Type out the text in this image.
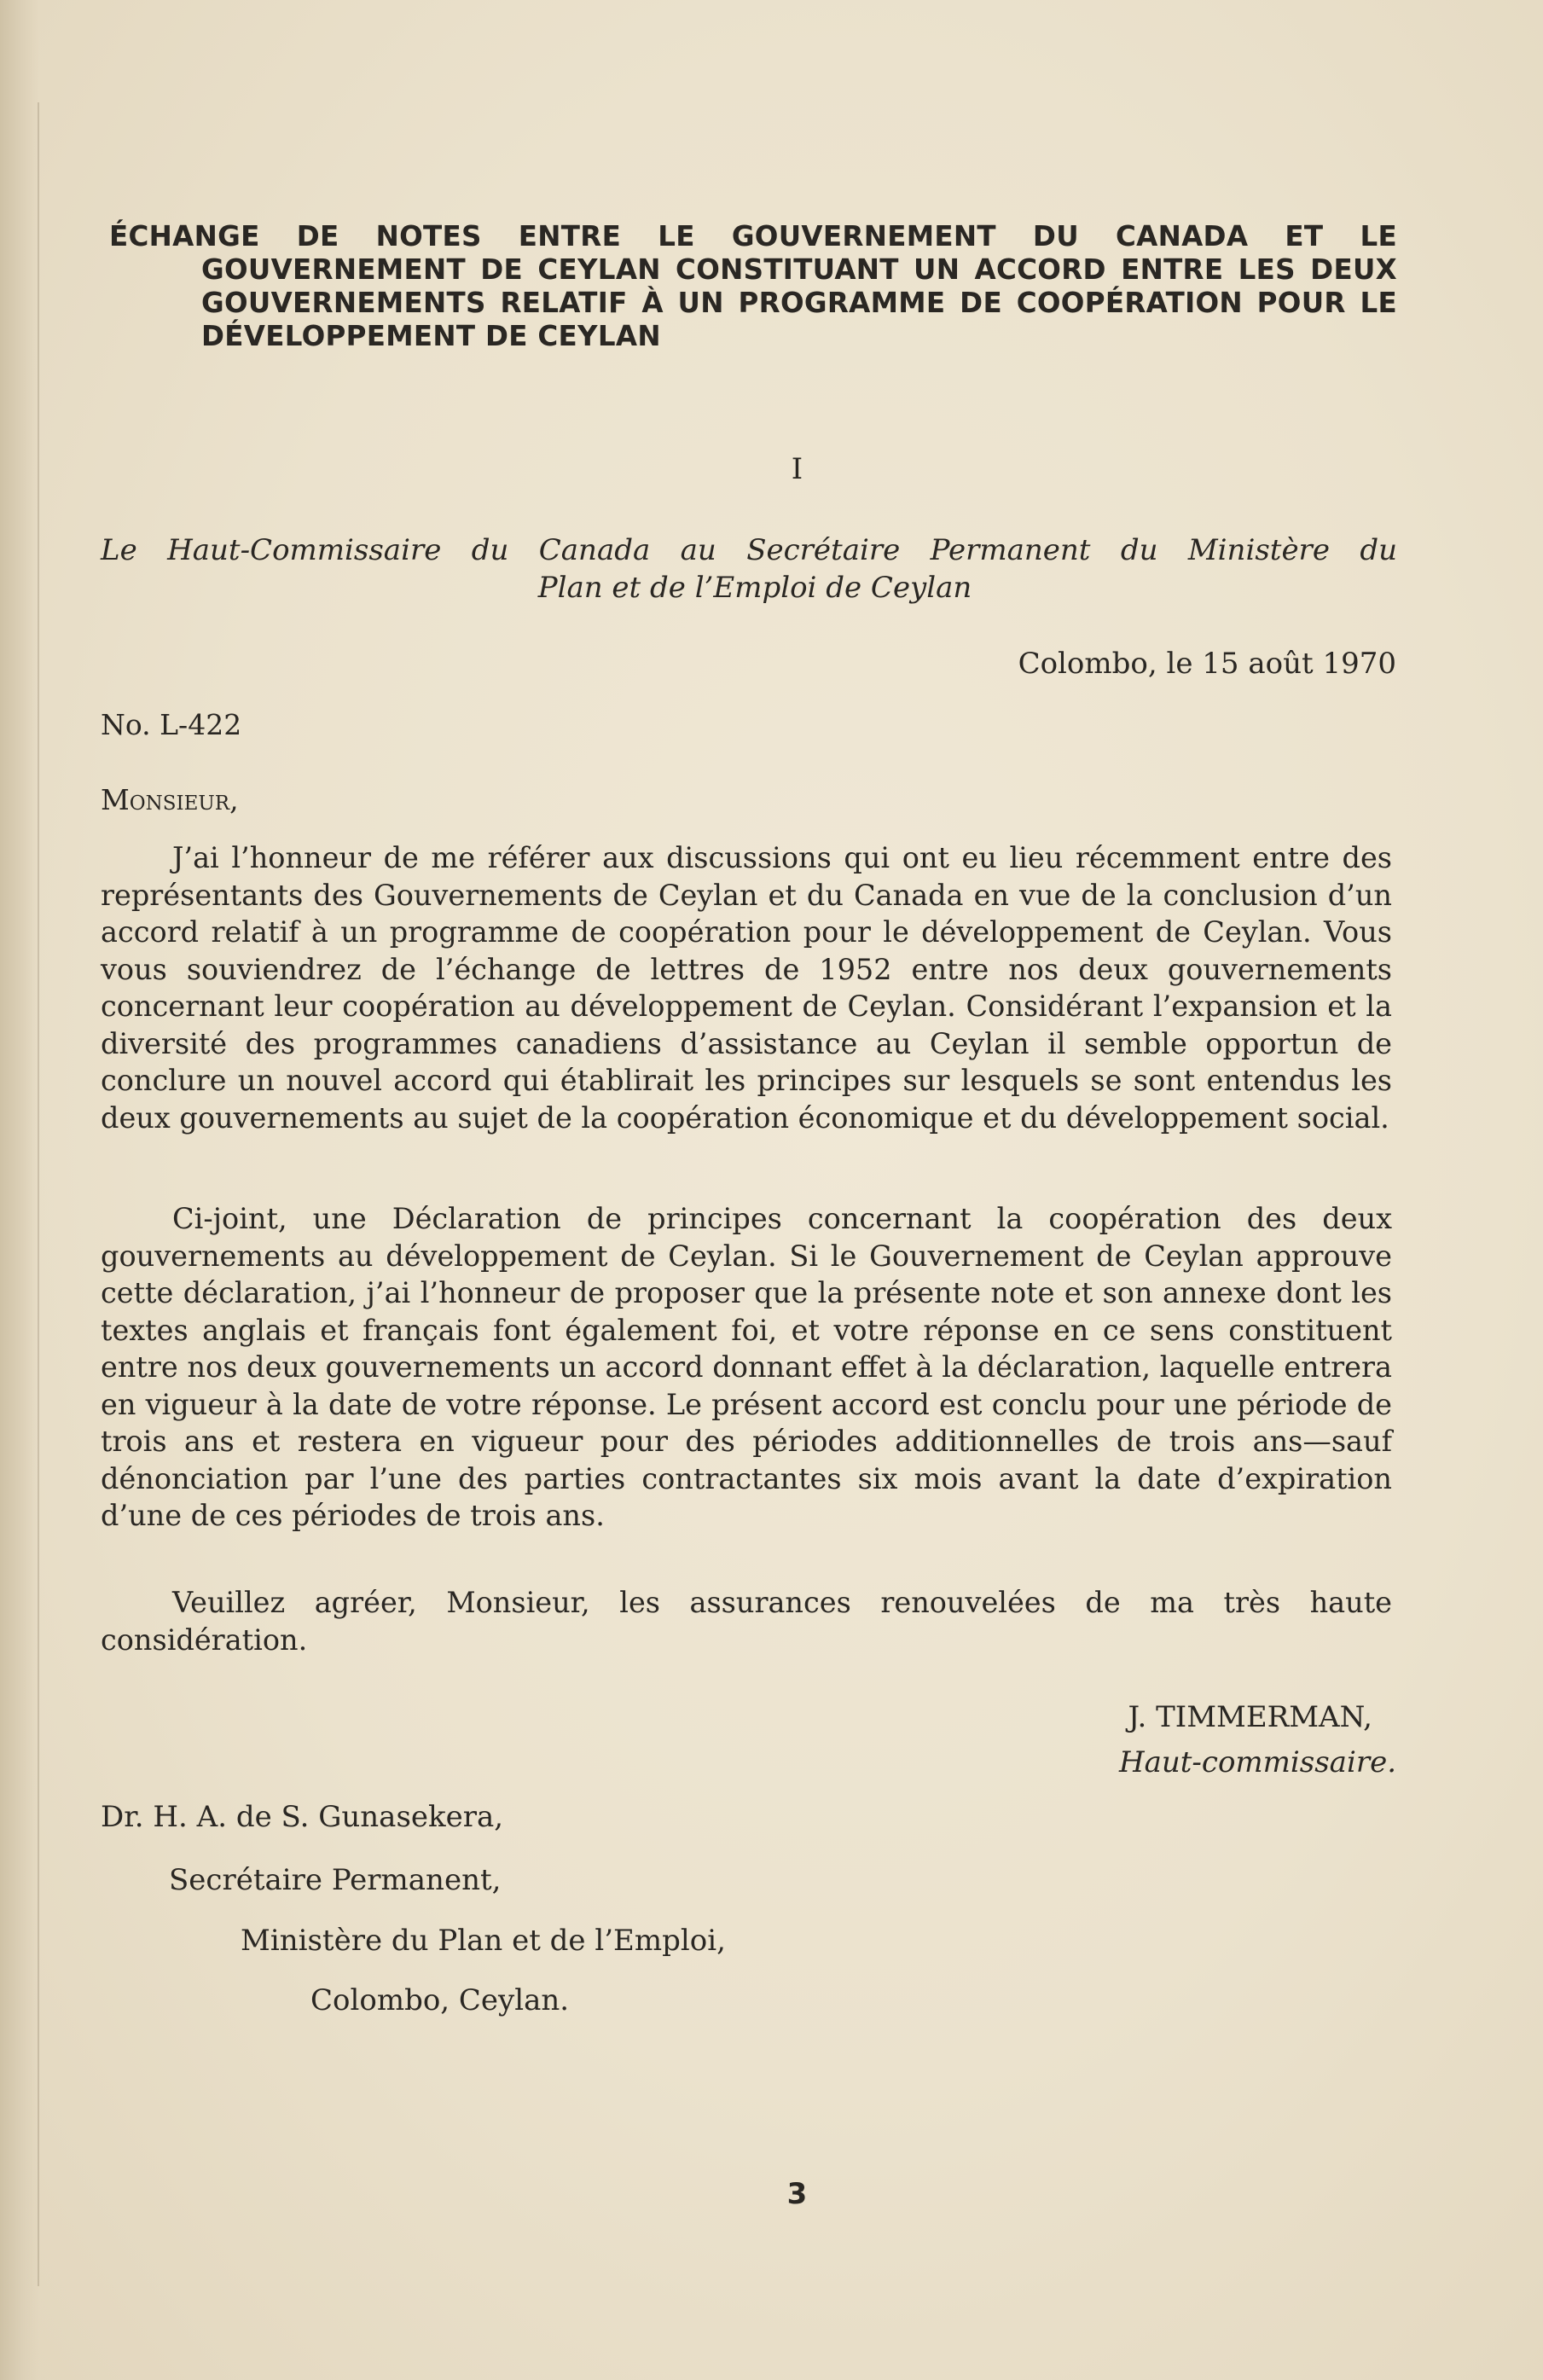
ÉCHANGE DE NOTES ENTRE LE GOUVERNEMENT DU CANADA ET LE GOUVERNEMENT DE CEYLAN CONSTITUANT UN ACCORD ENTRE LES DEUX GOUVERNEMENTS RELATIF À UN PROGRAMME DE COOPÉRATION POUR LE DÉVELOPPEMENT DE CEYLAN
I
Le Haut-Commissaire du Canada au Secrétaire Permanent du Ministère du
Plan et de l’Emploi de Ceylan
Colombo, le 15 août 1970
No. L-422
Monsieur,

J’ai l’honneur de me référer aux discussions qui ont eu lieu récemment entre des représentants des Gouvernements de Ceylan et du Canada en vue de la conclusion d’un accord relatif à un programme de coopération pour le développement de Ceylan. Vous vous souviendrez de l’échange de lettres de 1952 entre nos deux gouvernements concernant leur coopération au développement de Ceylan. Considérant l’expansion et la diversité des programmes canadiens d’assistance au Ceylan il semble opportun de conclure un nouvel accord qui établirait les principes sur lesquels se sont entendus les deux gouvernements au sujet de la coopération économique et du développement social.

Ci-joint, une Déclaration de principes concernant la coopération des deux gouvernements au développement de Ceylan. Si le Gouvernement de Ceylan approuve cette déclaration, j’ai l’honneur de proposer que la présente note et son annexe dont les textes anglais et français font également foi, et votre réponse en ce sens constituent entre nos deux gouvernements un accord donnant effet à la déclaration, laquelle entrera en vigueur à la date de votre réponse. Le présent accord est conclu pour une période de trois ans et restera en vigueur pour des périodes additionnelles de trois ans—sauf dénonciation par l’une des parties contractantes six mois avant la date d’expiration d’une de ces périodes de trois ans.

Veuillez agréer, Monsieur, les assurances renouvelées de ma très haute considération.

J. TIMMERMAN,
Haut-commissaire.
Dr. H. A. de S. Gunasekera,
Secrétaire Permanent,
Ministère du Plan et de l’Emploi,
Colombo, Ceylan.
3
